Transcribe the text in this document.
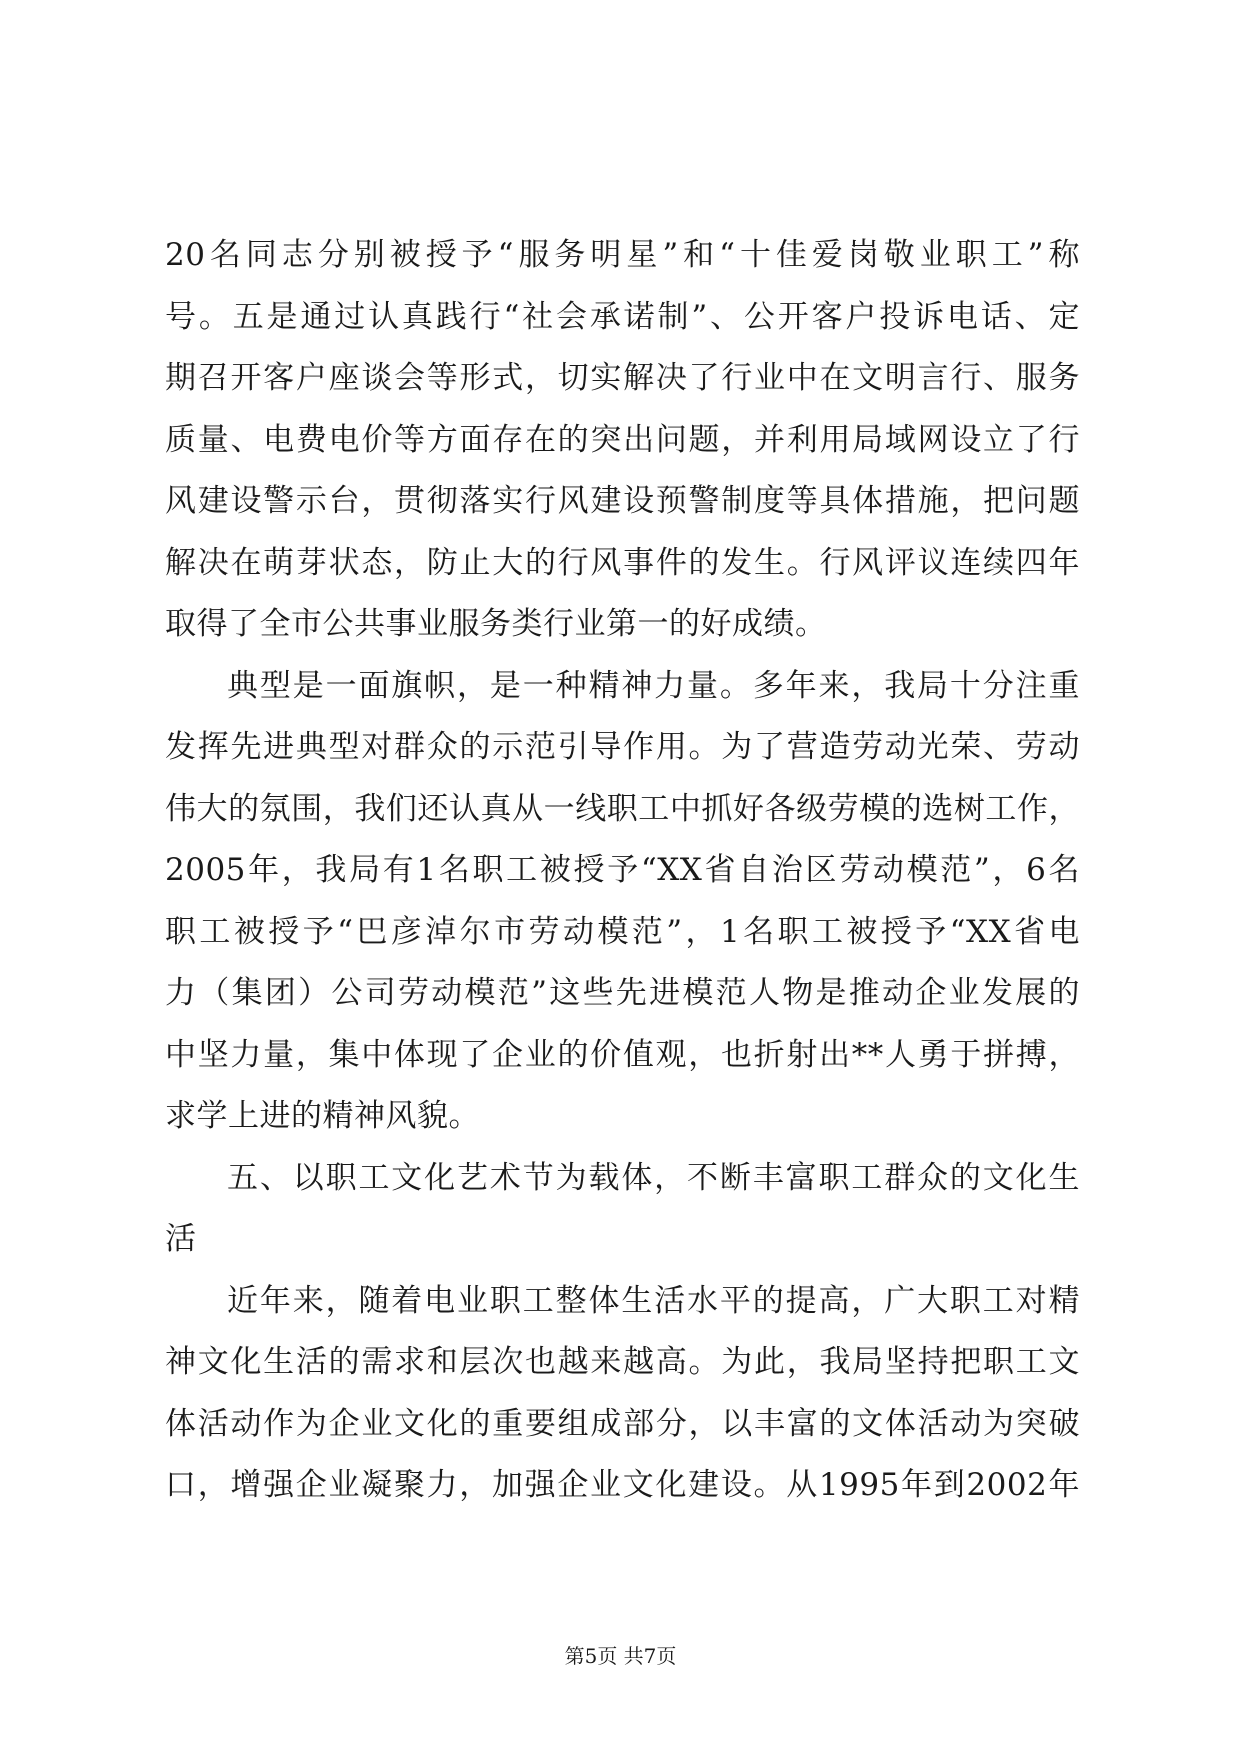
20名同志分别被授予“服务明星”和“十佳爱岗敬业职工”称
号。五是通过认真践行“社会承诺制”、公开客户投诉电话、定
期召开客户座谈会等形式，切实解决了行业中在文明言行、服务
质量、电费电价等方面存在的突出问题，并利用局域网设立了行
风建设警示台，贯彻落实行风建设预警制度等具体措施，把问题
解决在萌芽状态，防止大的行风事件的发生。行风评议连续四年
取得了全市公共事业服务类行业第一的好成绩。
典型是一面旗帜，是一种精神力量。多年来，我局十分注重
发挥先进典型对群众的示范引导作用。为了营造劳动光荣、劳动
伟大的氛围，我们还认真从一线职工中抓好各级劳模的选树工作，
2005年，我局有1名职工被授予“XX省自治区劳动模范”，6名
职工被授予“巴彦淖尔市劳动模范”，1名职工被授予“XX省电
力（集团）公司劳动模范”这些先进模范人物是推动企业发展的
中坚力量，集中体现了企业的价值观，也折射出**人勇于拼搏，
求学上进的精神风貌。
五、以职工文化艺术节为载体，不断丰富职工群众的文化生
活
近年来，随着电业职工整体生活水平的提高，广大职工对精
神文化生活的需求和层次也越来越高。为此，我局坚持把职工文
体活动作为企业文化的重要组成部分，以丰富的文体活动为突破
口，增强企业凝聚力，加强企业文化建设。从1995年到2002年
第5页 共7页
